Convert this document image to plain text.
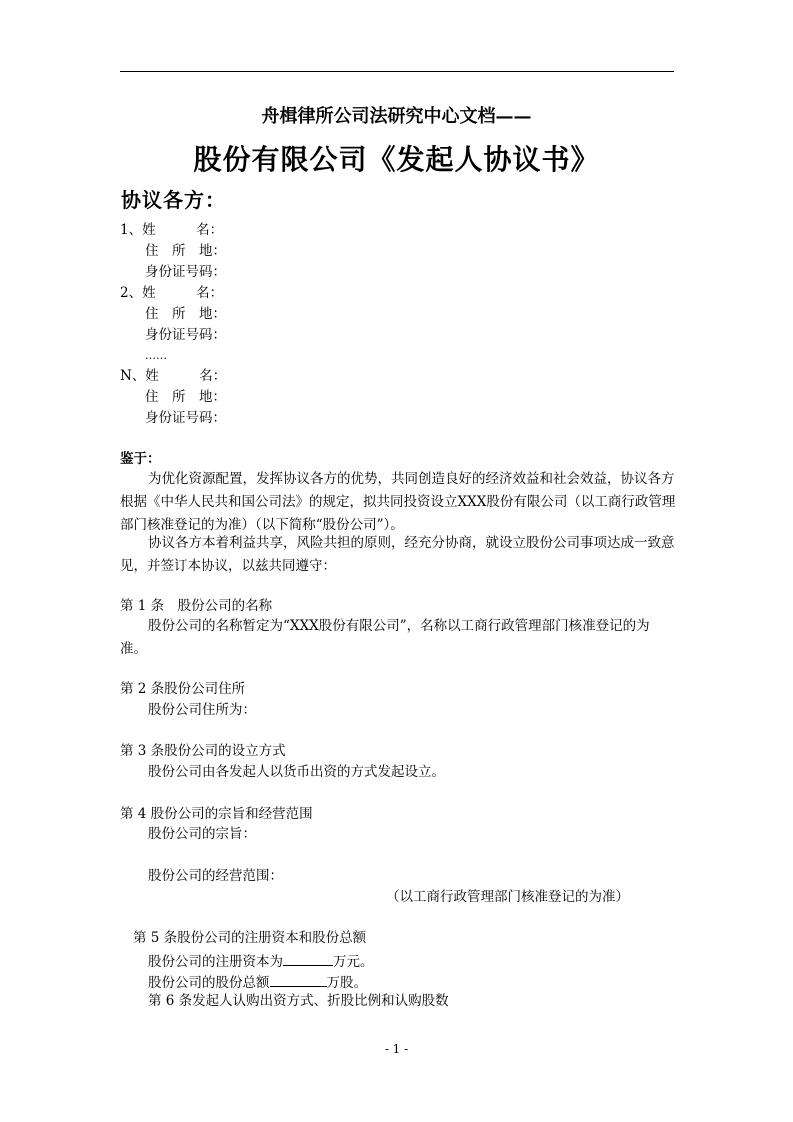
舟楫律所公司法研究中心文档——
股份有限公司《发起人协议书》
协议各方：
1、姓　　　名：
住　所　地：
身份证号码：
2、姓　　　名：
住　所　地：
身份证号码：
……
N、姓　　　名：
住　所　地：
身份证号码：
鉴于：
为优化资源配置，发挥协议各方的优势，共同创造良好的经济效益和社会效益，协议各方根据《中华人民共和国公司法》的规定，拟共同投资设立XXX股份有限公司（以工商行政管理部门核准登记的为准）（以下简称“股份公司”）。
协议各方本着利益共享，风险共担的原则，经充分协商，就设立股份公司事项达成一致意见，并签订本协议，以兹共同遵守：
第 1 条　股份公司的名称
股份公司的名称暂定为“XXX股份有限公司”，名称以工商行政管理部门核准登记的为准。
第 2 条股份公司住所
股份公司住所为：
第 3 条股份公司的设立方式
股份公司由各发起人以货币出资的方式发起设立。
第 4 股份公司的宗旨和经营范围
股份公司的宗旨：
股份公司的经营范围：
（以工商行政管理部门核准登记的为准）
第 5 条股份公司的注册资本和股份总额
股份公司的注册资本为	万元。
股份公司的股份总额	万股。
第 6 条发起人认购出资方式、折股比例和认购股数
- 1 -
